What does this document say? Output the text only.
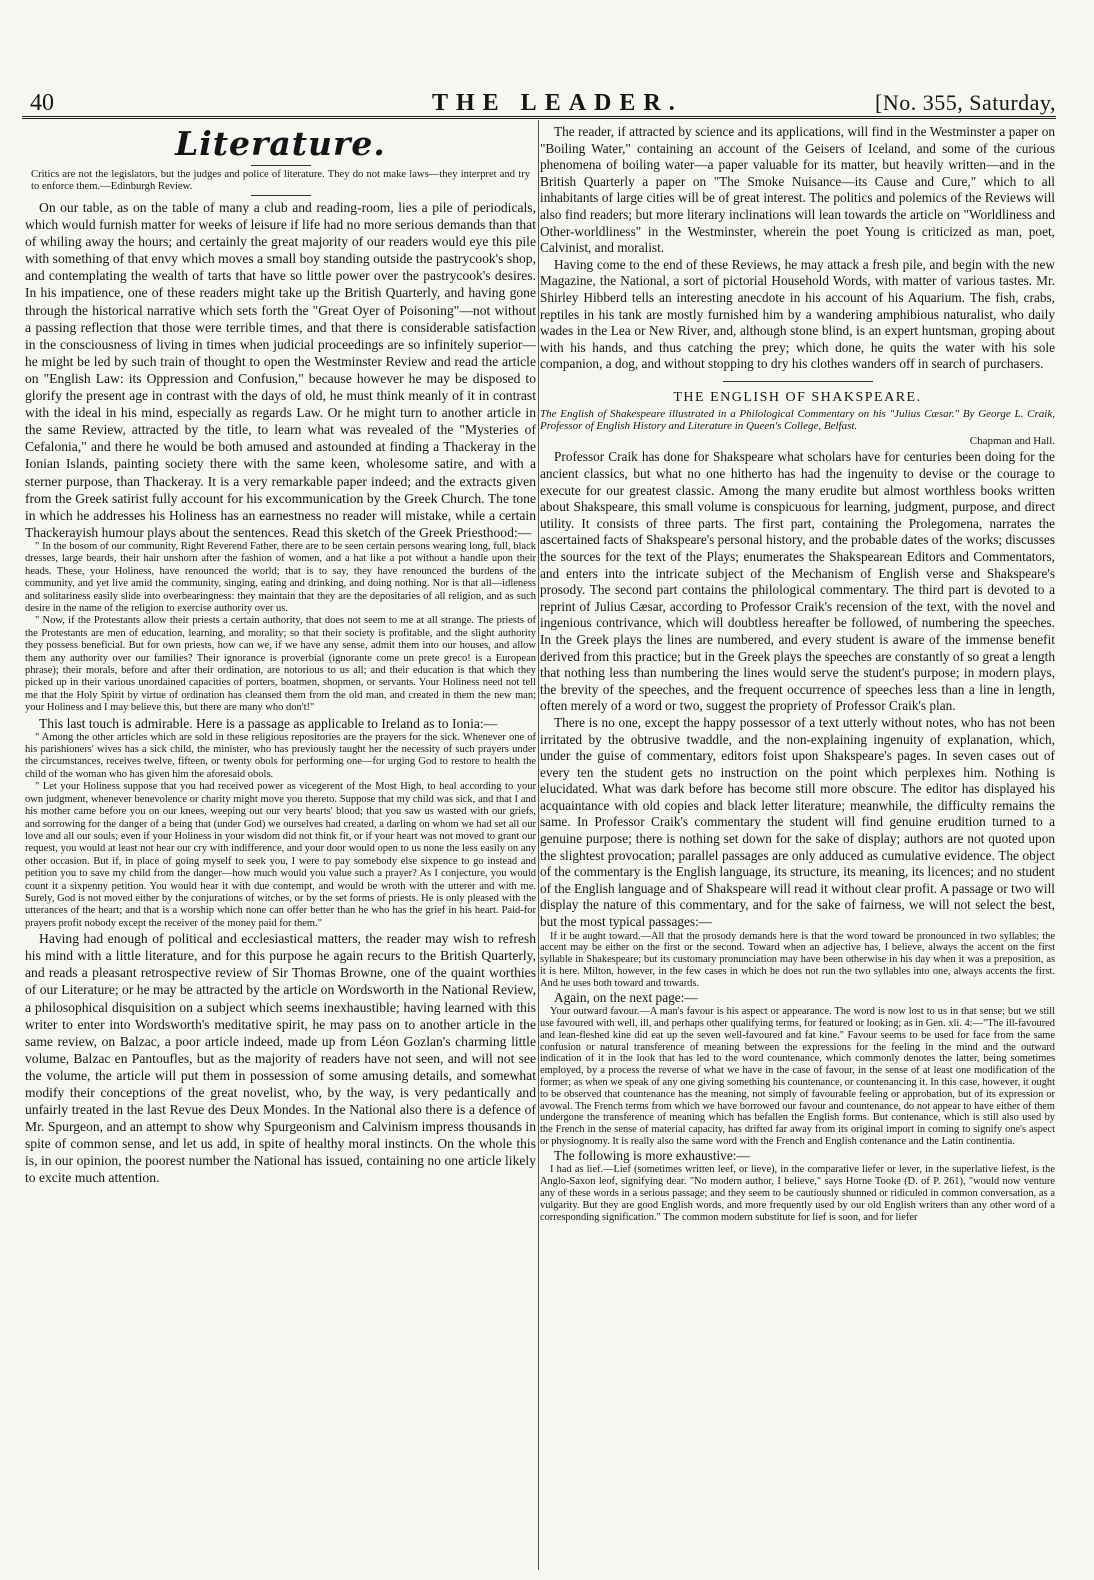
40	THE LEADER.	[No. 355, Saturday,
Literature.

Critics are not the legislators, but the judges and police of literature. They do not make laws—they interpret and try to enforce them.—Edinburgh Review.

On our table, as on the table of many a club and reading-room, lies a pile of periodicals, which would furnish matter for weeks of leisure if life had no more serious demands than that of whiling away the hours; and certainly the great majority of our readers would eye this pile with something of that envy which moves a small boy standing outside the pastrycook's shop, and contemplating the wealth of tarts that have so little power over the pastrycook's desires. In his impatience, one of these readers might take up the British Quarterly, and having gone through the historical narrative which sets forth the "Great Oyer of Poisoning"—not without a passing reflection that those were terrible times, and that there is considerable satisfaction in the consciousness of living in times when judicial proceedings are so infinitely superior—he might be led by such train of thought to open the Westminster Review and read the article on "English Law: its Oppression and Confusion," because however he may be disposed to glorify the present age in contrast with the days of old, he must think meanly of it in contrast with the ideal in his mind, especially as regards Law. Or he might turn to another article in the same Review, attracted by the title, to learn what was revealed of the "Mysteries of Cefalonia," and there he would be both amused and astounded at finding a Thackeray in the Ionian Islands, painting society there with the same keen, wholesome satire, and with a sterner purpose, than Thackeray. It is a very remarkable paper indeed; and the extracts given from the Greek satirist fully account for his excommunication by the Greek Church. The tone in which he addresses his Holiness has an earnestness no reader will mistake, while a certain Thackerayish humour plays about the sentences. Read this sketch of the Greek Priesthood:—

" In the bosom of our community, Right Reverend Father, there are to be seen certain persons wearing long, full, black dresses, large beards, their hair unshorn after the fashion of women, and a hat like a pot without a handle upon their heads. These, your Holiness, have renounced the world; that is to say, they have renounced the burdens of the community, and yet live amid the community, singing, eating and drinking, and doing nothing. Nor is that all—idleness and solitariness easily slide into overbearingness: they maintain that they are the depositaries of all religion, and as such desire in the name of the religion to exercise authority over us.

" Now, if the Protestants allow their priests a certain authority, that does not seem to me at all strange. The priests of the Protestants are men of education, learning, and morality; so that their society is profitable, and the slight authority they possess beneficial. But for own priests, how can we, if we have any sense, admit them into our houses, and allow them any authority over our families? Their ignorance is proverbial (ignorante come un prete greco! is a European phrase); their morals, before and after their ordination, are notorious to us all; and their education is that which they picked up in their various unordained capacities of porters, boatmen, shopmen, or servants. Your Holiness need not tell me that the Holy Spirit by virtue of ordination has cleansed them from the old man, and created in them the new man; your Holiness and I may believe this, but there are many who don't!"

This last touch is admirable. Here is a passage as applicable to Ireland as to Ionia:—

" Among the other articles which are sold in these religious repositories are the prayers for the sick. Whenever one of his parishioners' wives has a sick child, the minister, who has previously taught her the necessity of such prayers under the circumstances, receives twelve, fifteen, or twenty obols for performing one—for urging God to restore to health the child of the woman who has given him the aforesaid obols.

" Let your Holiness suppose that you had received power as vicegerent of the Most High, to heal according to your own judgment, whenever benevolence or charity might move you thereto. Suppose that my child was sick, and that I and his mother came before you on our knees, weeping out our very hearts' blood; that you saw us wasted with our griefs, and sorrowing for the danger of a being that (under God) we ourselves had created, a darling on whom we had set all our love and all our souls; even if your Holiness in your wisdom did not think fit, or if your heart was not moved to grant our request, you would at least not hear our cry with indifference, and your door would open to us none the less easily on any other occasion. But if, in place of going myself to seek you, I were to pay somebody else sixpence to go instead and petition you to save my child from the danger—how much would you value such a prayer? As I conjecture, you would count it a sixpenny petition. You would hear it with due contempt, and would be wroth with the utterer and with me. Surely, God is not moved either by the conjurations of witches, or by the set forms of priests. He is only pleased with the utterances of the heart; and that is a worship which none can offer better than he who has the grief in his heart. Paid-for prayers profit nobody except the receiver of the money paid for them."

Having had enough of political and ecclesiastical matters, the reader may wish to refresh his mind with a little literature, and for this purpose he again recurs to the British Quarterly, and reads a pleasant retrospective review of Sir Thomas Browne, one of the quaint worthies of our Literature; or he may be attracted by the article on Wordsworth in the National Review, a philosophical disquisition on a subject which seems inexhaustible; having learned with this writer to enter into Wordsworth's meditative spirit, he may pass on to another article in the same review, on Balzac, a poor article indeed, made up from Léon Gozlan's charming little volume, Balzac en Pantoufles, but as the majority of readers have not seen, and will not see the volume, the article will put them in possession of some amusing details, and somewhat modify their conceptions of the great novelist, who, by the way, is very pedantically and unfairly treated in the last Revue des Deux Mondes. In the National also there is a defence of Mr. Spurgeon, and an attempt to show why Spurgeonism and Calvinism impress thousands in spite of common sense, and let us add, in spite of healthy moral instincts. On the whole this is, in our opinion, the poorest number the National has issued, containing no one article likely to excite much attention.

The reader, if attracted by science and its applications, will find in the Westminster a paper on "Boiling Water," containing an account of the Geisers of Iceland, and some of the curious phenomena of boiling water—a paper valuable for its matter, but heavily written—and in the British Quarterly a paper on "The Smoke Nuisance—its Cause and Cure," which to all inhabitants of large cities will be of great interest. The politics and polemics of the Reviews will also find readers; but more literary inclinations will lean towards the article on "Worldliness and Other-worldliness" in the Westminster, wherein the poet Young is criticized as man, poet, Calvinist, and moralist.

Having come to the end of these Reviews, he may attack a fresh pile, and begin with the new Magazine, the National, a sort of pictorial Household Words, with matter of various tastes. Mr. Shirley Hibberd tells an interesting anecdote in his account of his Aquarium. The fish, crabs, reptiles in his tank are mostly furnished him by a wandering amphibious naturalist, who daily wades in the Lea or New River, and, although stone blind, is an expert huntsman, groping about with his hands, and thus catching the prey; which done, he quits the water with his sole companion, a dog, and without stopping to dry his clothes wanders off in search of purchasers.

THE ENGLISH OF SHAKSPEARE.

The English of Shakespeare illustrated in a Philological Commentary on his "Julius Cæsar." By George L. Craik, Professor of English History and Literature in Queen's College, Belfast.

Chapman and Hall.

Professor Craik has done for Shakspeare what scholars have for centuries been doing for the ancient classics, but what no one hitherto has had the ingenuity to devise or the courage to execute for our greatest classic. Among the many erudite but almost worthless books written about Shakspeare, this small volume is conspicuous for learning, judgment, purpose, and direct utility. It consists of three parts. The first part, containing the Prolegomena, narrates the ascertained facts of Shakspeare's personal history, and the probable dates of the works; discusses the sources for the text of the Plays; enumerates the Shakspearean Editors and Commentators, and enters into the intricate subject of the Mechanism of English verse and Shakspeare's prosody. The second part contains the philological commentary. The third part is devoted to a reprint of Julius Cæsar, according to Professor Craik's recension of the text, with the novel and ingenious contrivance, which will doubtless hereafter be followed, of numbering the speeches. In the Greek plays the lines are numbered, and every student is aware of the immense benefit derived from this practice; but in the Greek plays the speeches are constantly of so great a length that nothing less than numbering the lines would serve the student's purpose; in modern plays, the brevity of the speeches, and the frequent occurrence of speeches less than a line in length, often merely of a word or two, suggest the propriety of Professor Craik's plan.

There is no one, except the happy possessor of a text utterly without notes, who has not been irritated by the obtrusive twaddle, and the non-explaining ingenuity of explanation, which, under the guise of commentary, editors foist upon Shakspeare's pages. In seven cases out of every ten the student gets no instruction on the point which perplexes him. Nothing is elucidated. What was dark before has become still more obscure. The editor has displayed his acquaintance with old copies and black letter literature; meanwhile, the difficulty remains the same. In Professor Craik's commentary the student will find genuine erudition turned to a genuine purpose; there is nothing set down for the sake of display; authors are not quoted upon the slightest provocation; parallel passages are only adduced as cumulative evidence. The object of the commentary is the English language, its structure, its meaning, its licences; and no student of the English language and of Shakspeare will read it without clear profit. A passage or two will display the nature of this commentary, and for the sake of fairness, we will not select the best, but the most typical passages:—

If it be aught toward.—All that the prosody demands here is that the word toward be pronounced in two syllables; the accent may be either on the first or the second. Toward when an adjective has, I believe, always the accent on the first syllable in Shakespeare; but its customary pronunciation may have been otherwise in his day when it was a preposition, as it is here. Milton, however, in the few cases in which he does not run the two syllables into one, always accents the first. And he uses both toward and towards.

Again, on the next page:—

Your outward favour.—A man's favour is his aspect or appearance. The word is now lost to us in that sense; but we still use favoured with well, ill, and perhaps other qualifying terms, for featured or looking; as in Gen. xli. 4:—"The ill-favoured and lean-fleshed kine did eat up the seven well-favoured and fat kine." Favour seems to be used for face from the same confusion or natural transference of meaning between the expressions for the feeling in the mind and the outward indication of it in the look that has led to the word countenance, which commonly denotes the latter, being sometimes employed, by a process the reverse of what we have in the case of favour, in the sense of at least one modification of the former; as when we speak of any one giving something his countenance, or countenancing it. In this case, however, it ought to be observed that countenance has the meaning, not simply of favourable feeling or approbation, but of its expression or avowal. The French terms from which we have borrowed our favour and countenance, do not appear to have either of them undergone the transference of meaning which has befallen the English forms. But contenance, which is still also used by the French in the sense of material capacity, has drifted far away from its original import in coming to signify one's aspect or physiognomy. It is really also the same word with the French and English contenance and the Latin continentia.

The following is more exhaustive:—

I had as lief.—Lief (sometimes written leef, or lieve), in the comparative liefer or lever, in the superlative liefest, is the Anglo-Saxon leof, signifying dear. "No modern author, I believe," says Horne Tooke (D. of P. 261), "would now venture any of these words in a serious passage; and they seem to be cautiously shunned or ridiculed in common conversation, as a vulgarity. But they are good English words, and more frequently used by our old English writers than any other word of a corresponding signification." The common modern substitute for lief is soon, and for liefer
